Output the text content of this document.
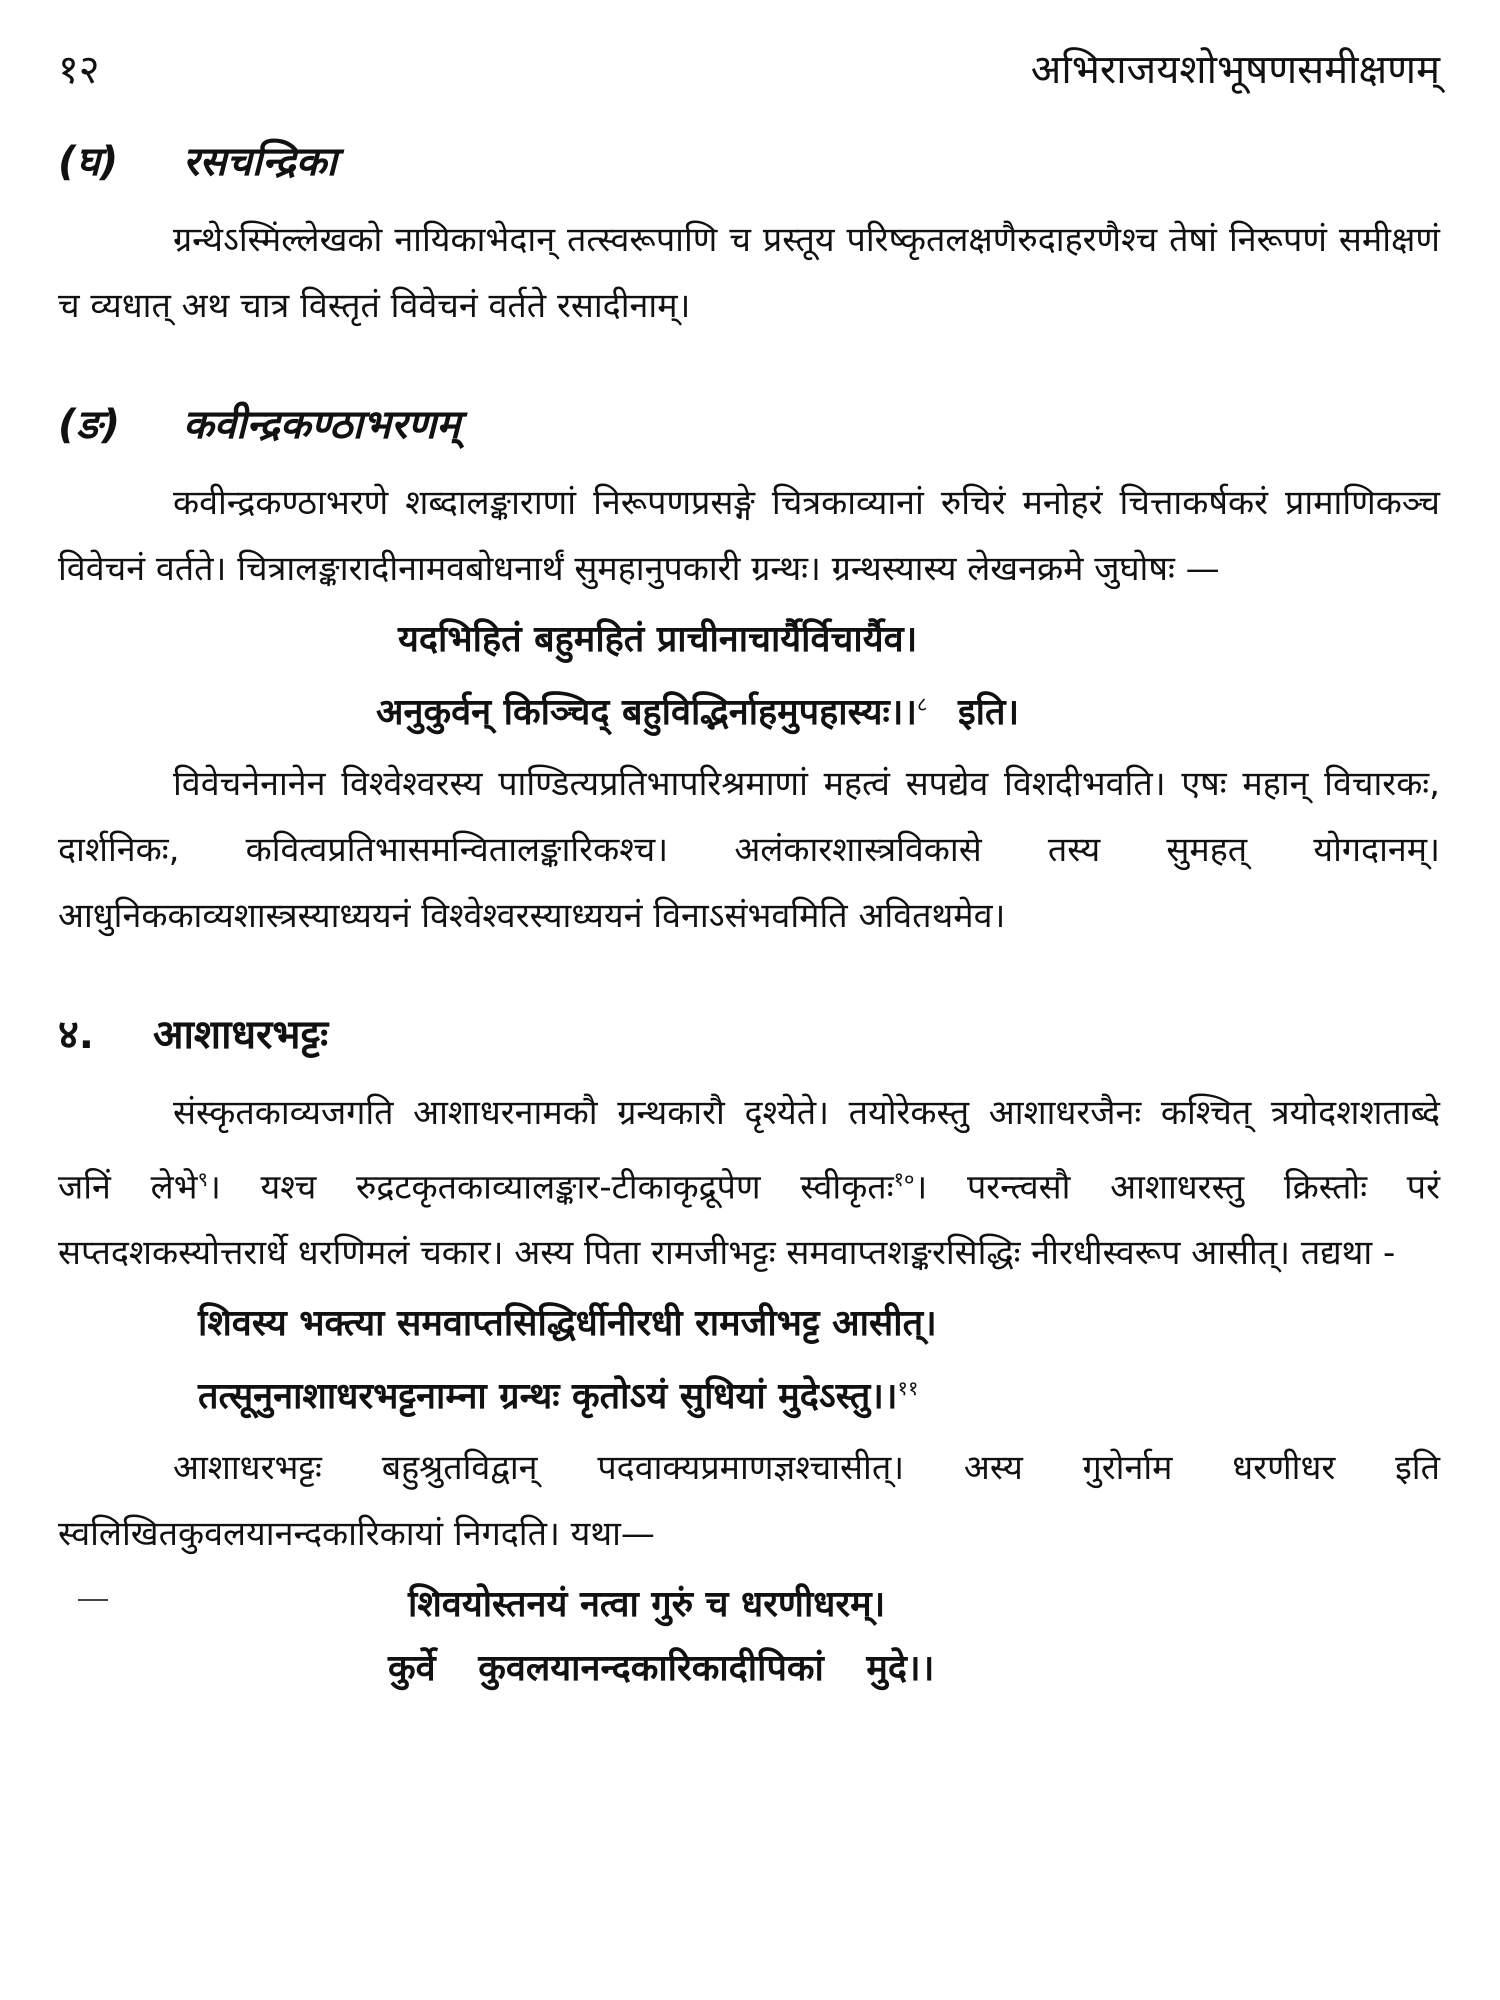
१२	अभिराजयशोभूषणसमीक्षणम्
(घ) रसचन्द्रिका

ग्रन्थेऽस्मिंल्लेखको नायिकाभेदान् तत्स्वरूपाणि च प्रस्तूय परिष्कृतलक्षणैरुदाहरणैश्च तेषां निरूपणं समीक्षणं च व्यधात् अथ चात्र विस्तृतं विवेचनं वर्तते रसादीनाम्।

(ङ) कवीन्द्रकण्ठाभरणम्

कवीन्द्रकण्ठाभरणे शब्दालङ्काराणां निरूपणप्रसङ्गे चित्रकाव्यानां रुचिरं मनोहरं चित्ताकर्षकरं प्रामाणिकञ्च विवेचनं वर्तते। चित्रालङ्कारादीनामवबोधनार्थं सुमहानुपकारी ग्रन्थः। ग्रन्थस्यास्य लेखनक्रमे जुघोषः —

यदभिहितं बहुमहितं प्राचीनाचार्यैर्विचार्यैव।
अनुकुर्वन् किञ्चिद् बहुविद्भिर्नाहमुपहास्यः।।$^८$ इति।

विवेचनेनानेन विश्वेश्वरस्य पाण्डित्यप्रतिभापरिश्रमाणां महत्वं सपद्येव विशदीभवति। एषः महान् विचारकः, दार्शनिकः, कवित्वप्रतिभासमन्वितालङ्कारिकश्च। अलंकारशास्त्रविकासे तस्य सुमहत् योगदानम्। आधुनिककाव्यशास्त्रस्याध्ययनं विश्वेश्वरस्याध्ययनं विनाऽसंभवमिति अवितथमेव।

४. आशाधरभट्टः

संस्कृतकाव्यजगति आशाधरनामकौ ग्रन्थकारौ दृश्येते। तयोरेकस्तु आशाधरजैनः कश्चित् त्रयोदशशताब्दे जनिं लेभे$^९$। यश्च रुद्रटकृतकाव्यालङ्कार-टीकाकृद्रूपेण स्वीकृतः$^{१०}$। परन्त्वसौ आशाधरस्तु क्रिस्तोः परं सप्तदशकस्योत्तरार्धे धरणिमलं चकार। अस्य पिता रामजीभट्टः समवाप्तशङ्करसिद्धिः नीरधीस्वरूप आसीत्। तद्यथा -

शिवस्य भक्त्या समवाप्तसिद्धिर्धीनीरधी रामजीभट्ट आसीत्।
तत्सूनुनाशाधरभट्टनाम्ना ग्रन्थः कृतोऽयं सुधियां मुदेऽस्तु।।$^{११}$

आशाधरभट्टः बहुश्रुतविद्वान् पदवाक्यप्रमाणज्ञश्चासीत्। अस्य गुरोर्नाम धरणीधर इति स्वलिखितकुवलयानन्दकारिकायां निगदति। यथा—

शिवयोस्तनयं नत्वा गुरुं च धरणीधरम्।
कुर्वे कुवलयानन्दकारिकादीपिकां मुदे।।
